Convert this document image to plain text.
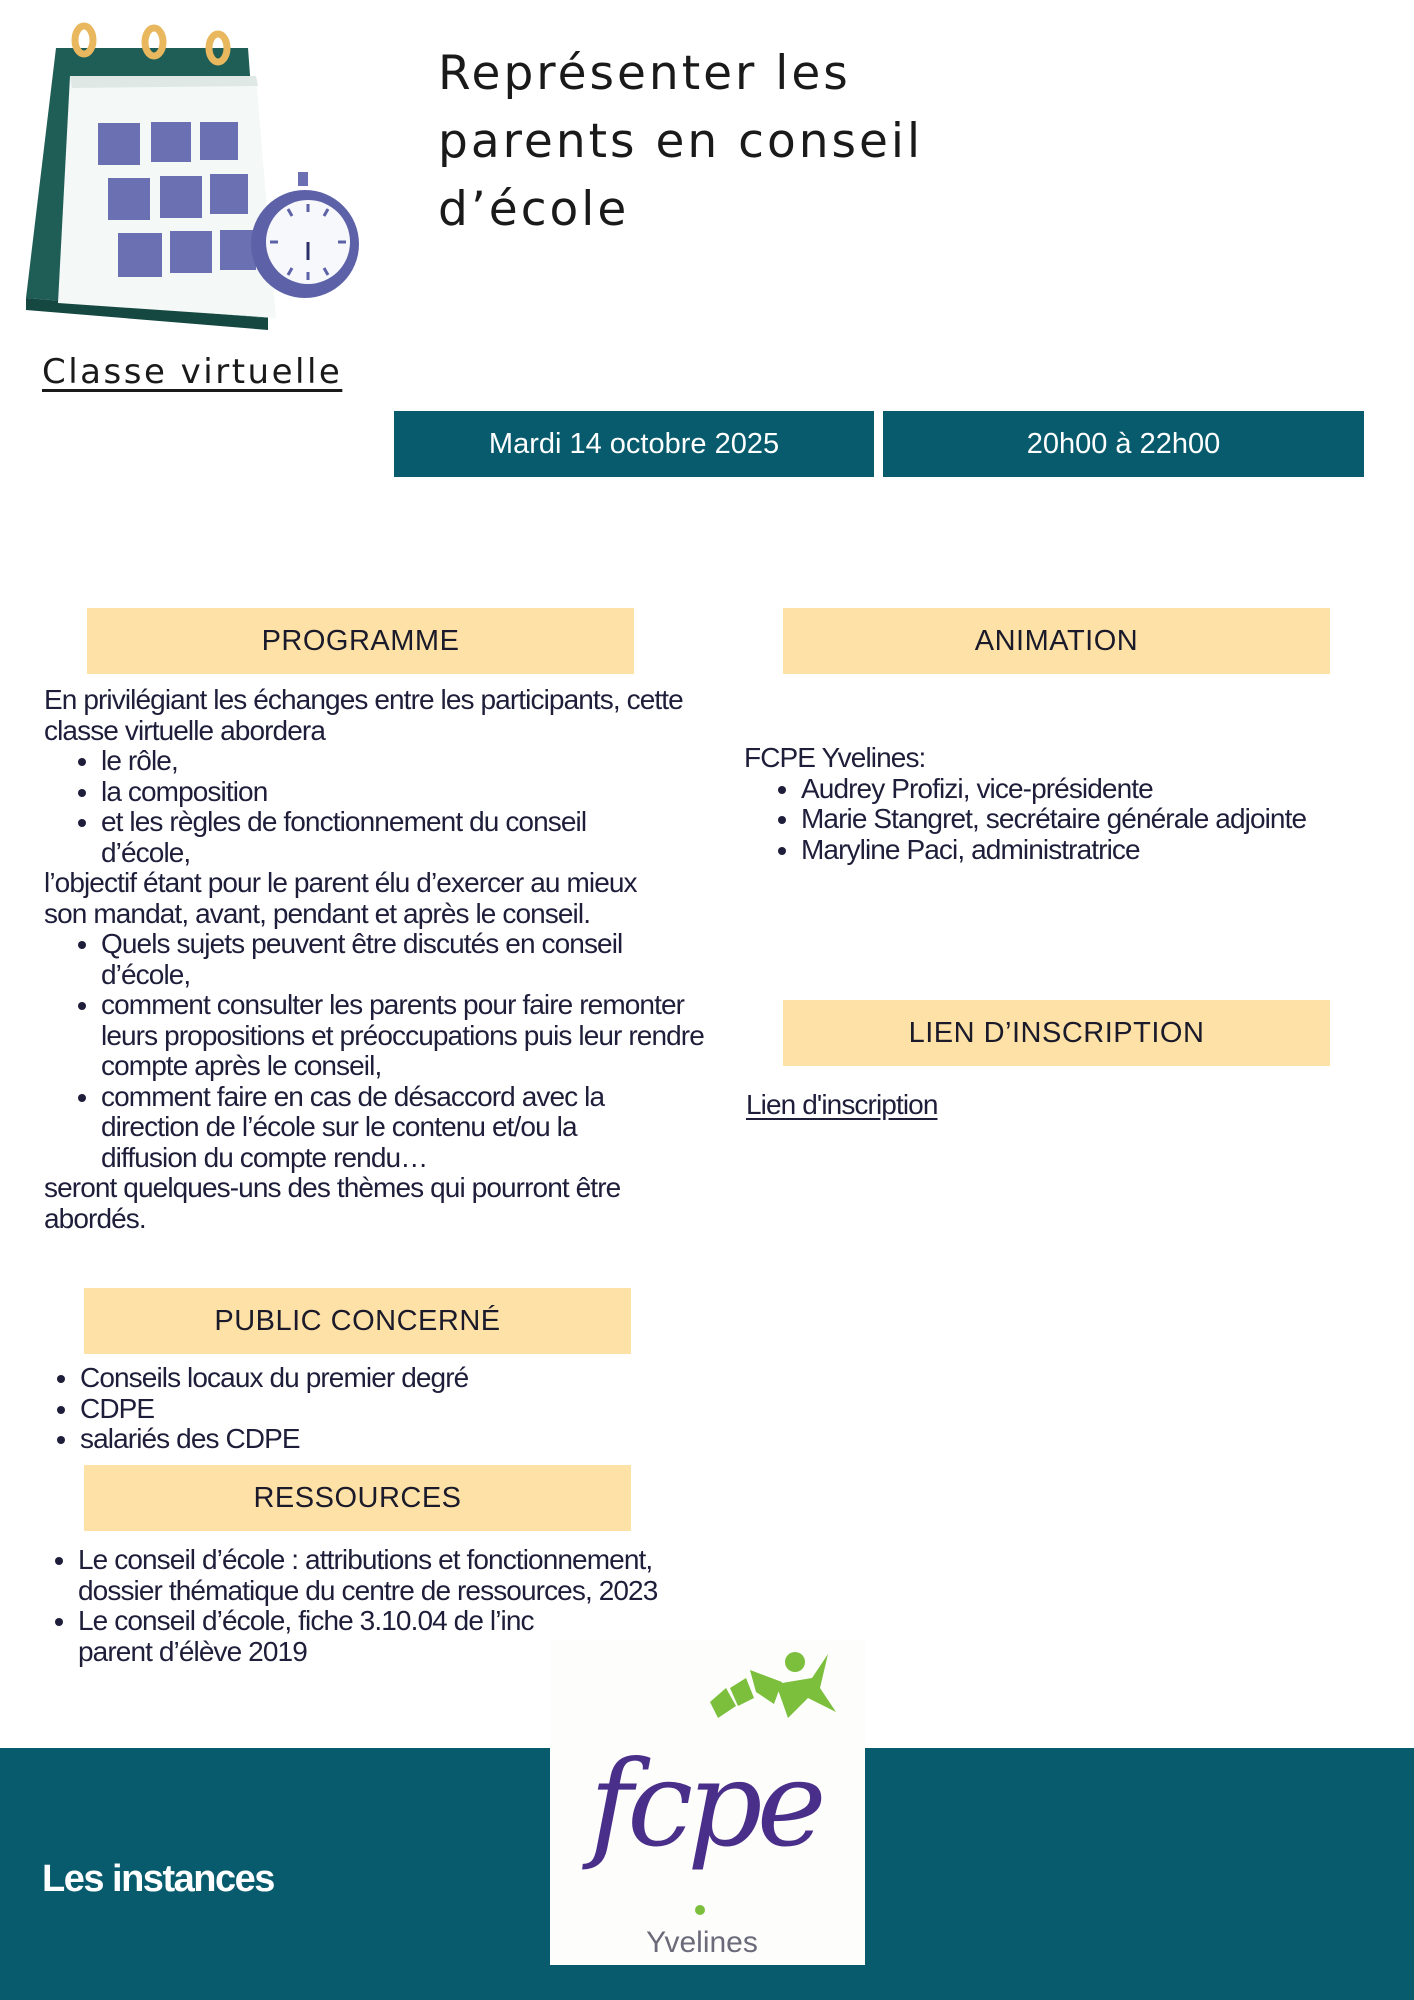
Représenter les
parents en conseil
d’école
Classe virtuelle
Mardi 14 octobre 2025	20h00 à 22h00
PROGRAMME

En privilégiant les échanges entre les participants, cette classe virtuelle abordera

• le rôle,
• la composition
• et les règles de fonctionnement du conseil d’école,

l’objectif étant pour le parent élu d’exercer au mieux son mandat, avant, pendant et après le conseil.

• Quels sujets peuvent être discutés en conseil d’école,
• comment consulter les parents pour faire remonter leurs propositions et préoccupations puis leur rendre compte après le conseil,
• comment faire en cas de désaccord avec la direction de l’école sur le contenu et/ou la diffusion du compte rendu…

seront quelques-uns des thèmes qui pourront être abordés.

ANIMATION

FCPE Yvelines:

• Audrey Profizi, vice-présidente
• Marie Stangret, secrétaire générale adjointe
• Maryline Paci, administratrice
LIEN D’INSCRIPTION
Lien d'inscription
PUBLIC CONCERNÉ
• Conseils locaux du premier degré
• CDPE
• salariés des CDPE
RESSOURCES
• Le conseil d’école : attributions et fonctionnement, dossier thématique du centre de ressources, 2023
• Le conseil d’école, fiche 3.10.04 de l’inc parent d’élève 2019
Les instances
fcpe
Yvelines
